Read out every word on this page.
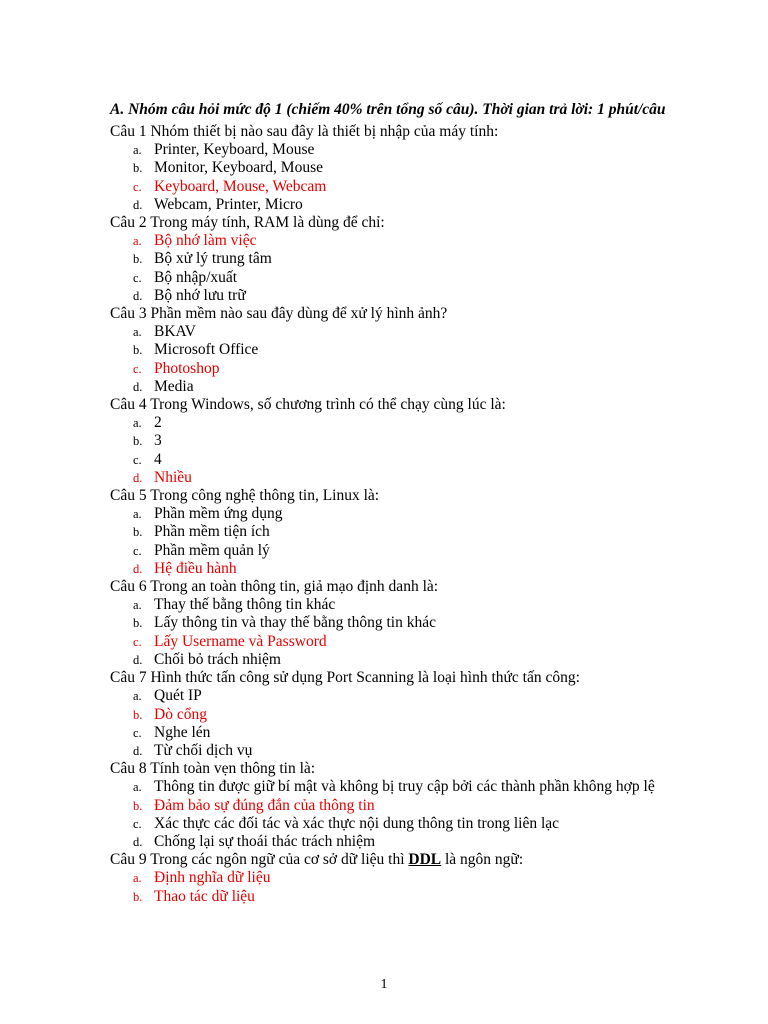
A. Nhóm câu hỏi mức độ 1 (chiếm 40% trên tổng số câu). Thời gian trả lời: 1 phút/câu
Câu 1 Nhóm thiết bị nào sau đây là thiết bị nhập của máy tính:
a. Printer, Keyboard, Mouse
b. Monitor, Keyboard, Mouse
c. Keyboard, Mouse, Webcam
d. Webcam, Printer, Micro
Câu 2 Trong máy tính, RAM là dùng để chỉ:
a. Bộ nhớ làm việc
b. Bộ xử lý trung tâm
c. Bộ nhập/xuất
d. Bộ nhớ lưu trữ
Câu 3 Phần mềm nào sau đây dùng để xử lý hình ảnh?
a. BKAV
b. Microsoft Office
c. Photoshop
d. Media
Câu 4 Trong Windows, số chương trình có thể chạy cùng lúc là:
a. 2
b. 3
c. 4
d. Nhiều
Câu 5 Trong công nghệ thông tin, Linux là:
a. Phần mềm ứng dụng
b. Phần mềm tiện ích
c. Phần mềm quản lý
d. Hệ điều hành
Câu 6 Trong an toàn thông tin, giả mạo định danh là:
a. Thay thế bằng thông tin khác
b. Lấy thông tin và thay thế bằng thông tin khác
c. Lấy Username và Password
d. Chối bỏ trách nhiệm
Câu 7 Hình thức tấn công sử dụng Port Scanning là loại hình thức tấn công:
a. Quét IP
b. Dò cổng
c. Nghe lén
d. Từ chối dịch vụ
Câu 8 Tính toàn vẹn thông tin là:
a. Thông tin được giữ bí mật và không bị truy cập bởi các thành phần không hợp lệ
b. Đảm bảo sự đúng đắn của thông tin
c. Xác thực các đối tác và xác thực nội dung thông tin trong liên lạc
d. Chống lại sự thoái thác trách nhiệm
Câu 9 Trong các ngôn ngữ của cơ sở dữ liệu thì DDL là ngôn ngữ:
a. Định nghĩa dữ liệu
b. Thao tác dữ liệu
1
